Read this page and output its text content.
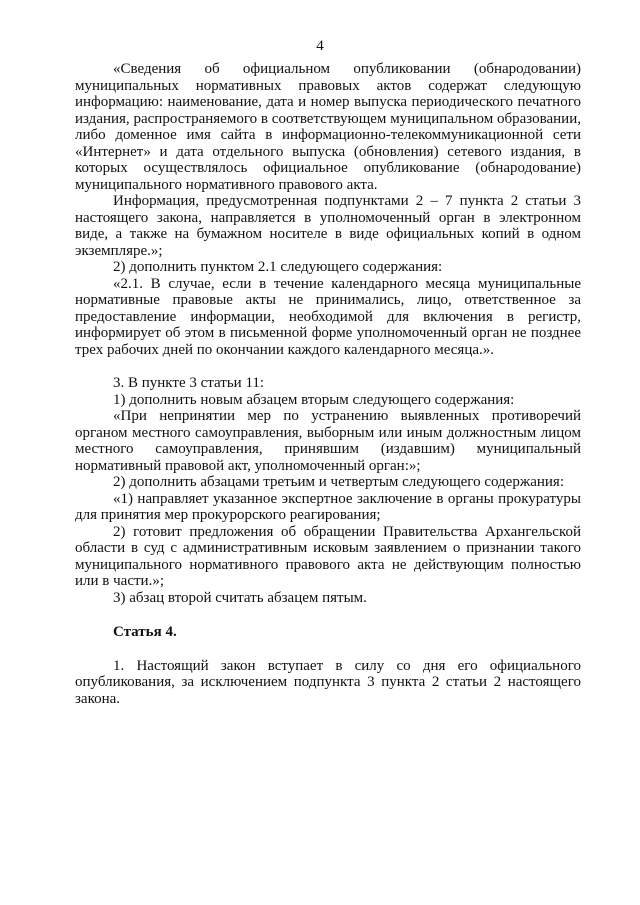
4

«Сведения об официальном опубликовании (обнародовании) муниципальных нормативных правовых актов содержат следующую информацию: наименование, дата и номер выпуска периодического печатного издания, распространяемого в соответствующем муниципальном образовании, либо доменное имя сайта в информационно-телекоммуникационной сети «Интернет» и дата отдельного выпуска (обновления) сетевого издания, в которых осуществлялось официальное опубликование (обнародование) муниципального нормативного правового акта.

Информация, предусмотренная подпунктами 2 – 7 пункта 2 статьи 3 настоящего закона, направляется в уполномоченный орган в электронном виде, а также на бумажном носителе в виде официальных копий в одном экземпляре.»;

2) дополнить пунктом 2.1 следующего содержания:

«2.1. В случае, если в течение календарного месяца муниципальные нормативные правовые акты не принимались, лицо, ответственное за предоставление информации, необходимой для включения в регистр, информирует об этом в письменной форме уполномоченный орган не позднее трех рабочих дней по окончании каждого календарного месяца.».

3. В пункте 3 статьи 11:

1) дополнить новым абзацем вторым следующего содержания:

«При непринятии мер по устранению выявленных противоречий органом местного самоуправления, выборным или иным должностным лицом местного самоуправления, принявшим (издавшим) муниципальный нормативный правовой акт, уполномоченный орган:»;

2) дополнить абзацами третьим и четвертым следующего содержания:

«1) направляет указанное экспертное заключение в органы прокуратуры для принятия мер прокурорского реагирования;

2) готовит предложения об обращении Правительства Архангельской области в суд с административным исковым заявлением о признании такого муниципального нормативного правового акта не действующим полностью или в части.»;

3) абзац второй считать абзацем пятым.

Статья 4.

1. Настоящий закон вступает в силу со дня его официального опубликования, за исключением подпункта 3 пункта 2 статьи 2 настоящего закона.
